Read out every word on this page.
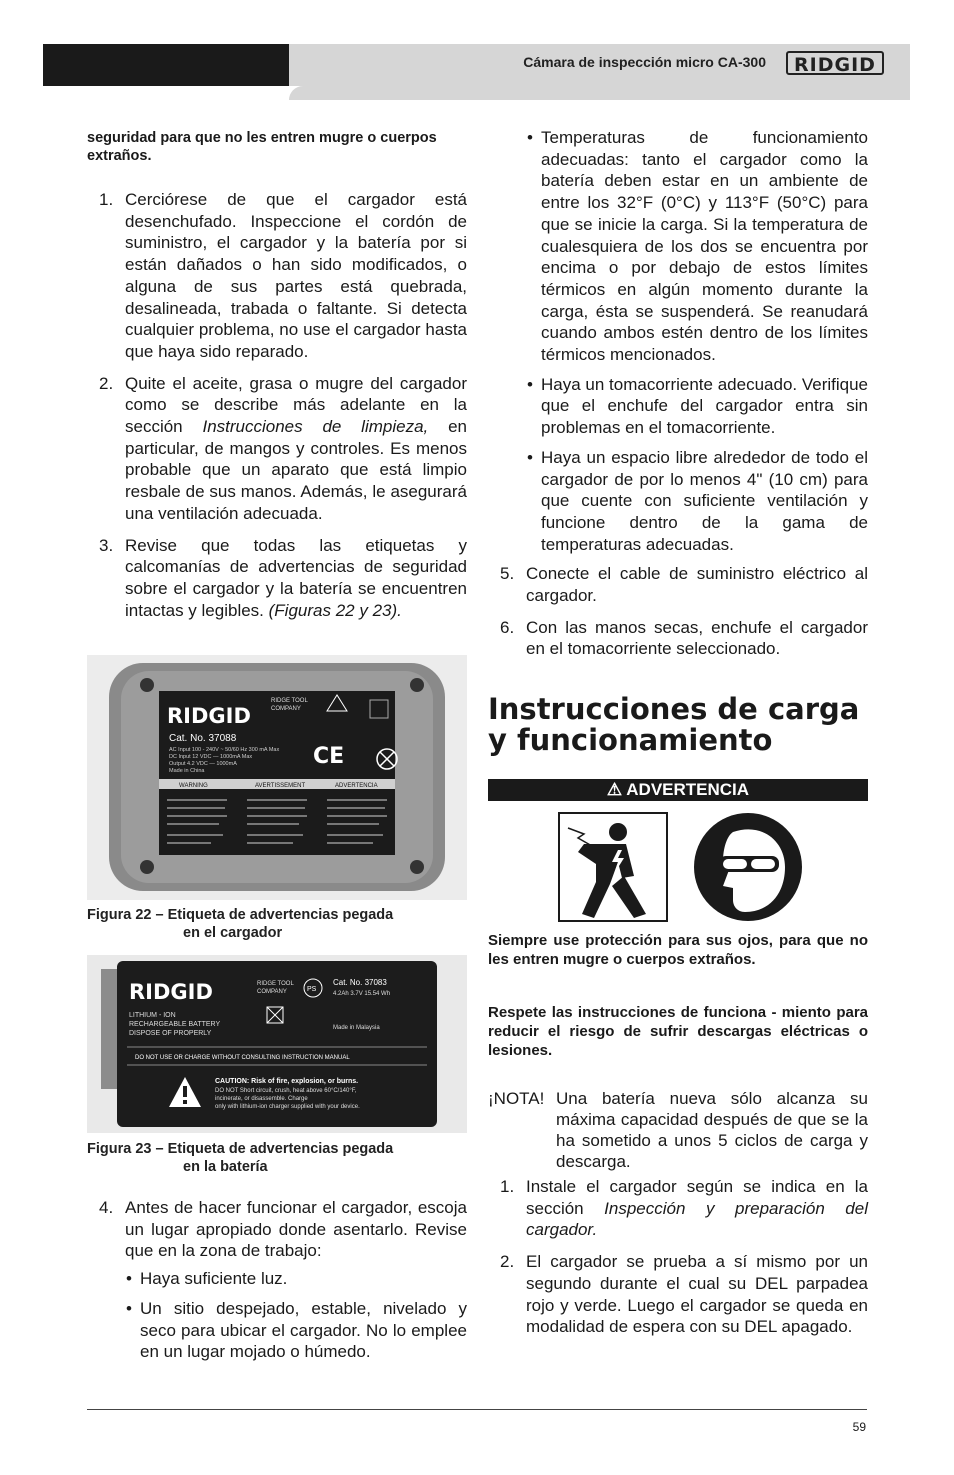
Cámara de inspección micro CA-300	RIDGID
seguridad para que no les entren mugre o cuerpos extraños.
1. Cerciórese de que el cargador está desenchufado. Inspeccione el cordón de suministro, el cargador y la batería por si están dañados o han sido modificados, o alguna de sus partes está quebrada, desalineada, trabada o faltante. Si detecta cualquier problema, no use el cargador hasta que haya sido reparado.
2. Quite el aceite, grasa o mugre del cargador como se describe más adelante en la sección Instrucciones de limpieza, en particular, de mangos y controles. Es menos probable que un aparato que está limpio resbale de sus manos. Además, le asegurará una ventilación adecuada.
3. Revise que todas las etiquetas y calcomanías de advertencias de seguridad sobre el cargador y la batería se encuentren intactas y legibles. (Figuras 22 y 23).
RIDGID
RIDGE TOOL
COMPANY
Cat. No. 37088
AC Input 100 - 240V ~ 50/60 Hz 300 mA Max
DC Input 12 VDC — 1000mA Max
Output 4.2 VDC — 1000mA
Made in China
CE
WARNING	AVERTISSEMENT	ADVERTENCIA
Figura 22 – Etiqueta de advertencias pegada
en el cargador
RIDGID	RIDGE TOOL
COMPANY	PS
Cat. No. 37083
4.2Ah 3.7V 15.54 Wh
LITHIUM - ION
RECHARGEABLE BATTERY
DISPOSE OF PROPERLY
Made in Malaysia
DO NOT USE OR CHARGE WITHOUT CONSULTING INSTRUCTION MANUAL
CAUTION: Risk of fire, explosion, or burns.
DO NOT Short circuit, crush, heat above 60°C/140°F,
incinerate, or disassemble. Charge
only with lithium-ion charger supplied with your device.
Figura 23 – Etiqueta de advertencias pegada
en la batería
4. Antes de hacer funcionar el cargador, escoja un lugar apropiado donde asentarlo. Revise que en la zona de trabajo:
• Haya suficiente luz.
• Un sitio despejado, estable, nivelado y seco para ubicar el cargador. No lo emplee en un lugar mojado o húmedo.
• Temperaturas de funcionamiento adecuadas: tanto el cargador como la batería deben estar en un ambiente de entre los 32°F (0°C) y 113°F (50°C) para que se inicie la carga. Si la temperatura de cualesquiera de los dos se encuentra por encima o por debajo de estos límites térmicos en algún momento durante la carga, ésta se suspenderá. Se reanudará cuando ambos estén dentro de los límites térmicos mencionados.
• Haya un tomacorriente adecuado. Verifique que el enchufe del cargador entra sin problemas en el tomacorriente.
• Haya un espacio libre alrededor de todo el cargador de por lo menos 4" (10 cm) para que cuente con suficiente ventilación y funcione dentro de la gama de temperaturas adecuadas.
5. Conecte el cable de suministro eléctrico al cargador.
6. Con las manos secas, enchufe el cargador en el tomacorriente seleccionado.
Instrucciones de carga y funcionamiento
⚠ ADVERTENCIA
Siempre use protección para sus ojos, para que no les entren mugre o cuerpos extraños.
Respete las instrucciones de funciona - miento para reducir el riesgo de sufrir descargas eléctricas o lesiones.
¡NOTA! Una batería nueva sólo alcanza su máxima capacidad después de que se la ha sometido a unos 5 ciclos de carga y descarga.
1. Instale el cargador según se indica en la sección Inspección y preparación del cargador.
2. El cargador se prueba a sí mismo por un segundo durante el cual su DEL parpadea rojo y verde. Luego el cargador se queda en modalidad de espera con su DEL apagado.
59
